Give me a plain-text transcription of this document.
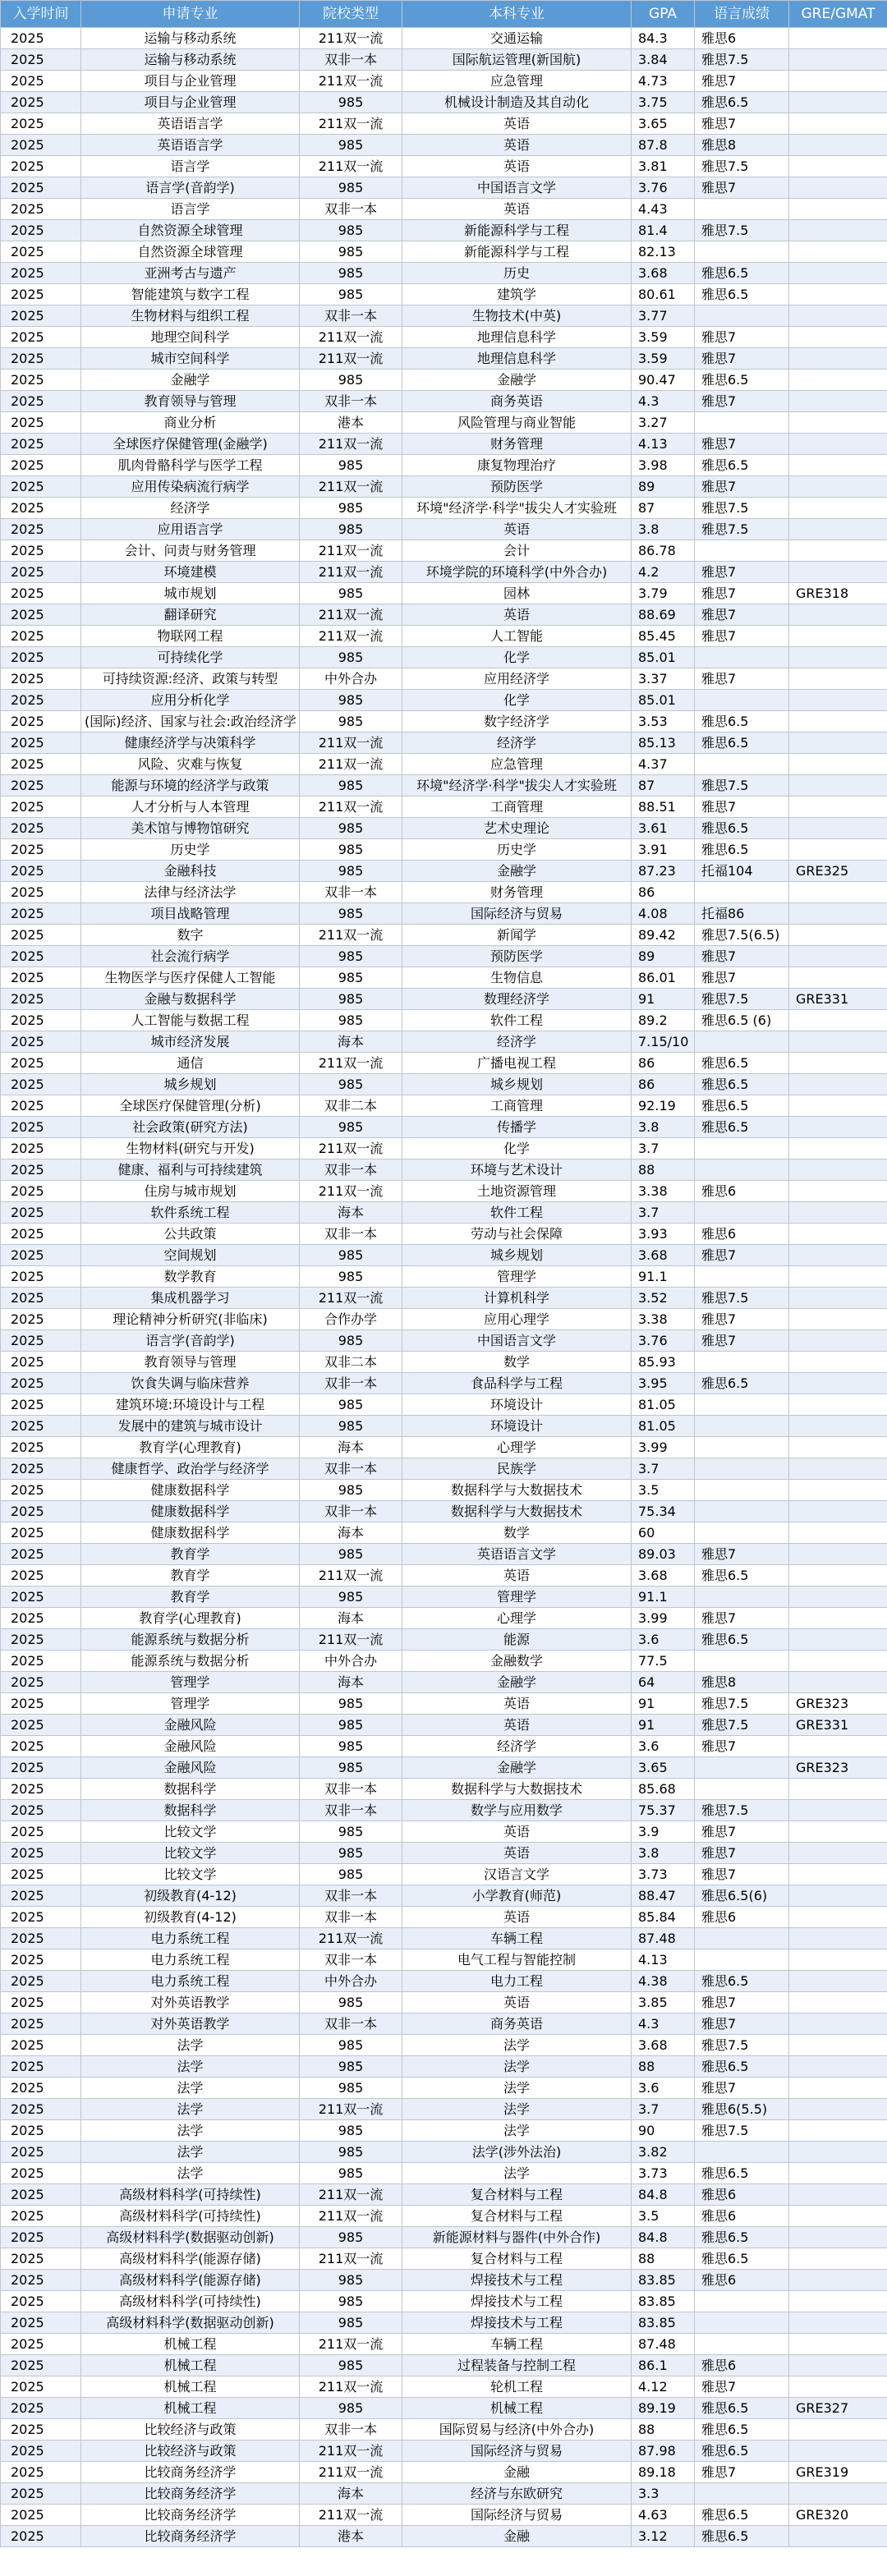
入学时间	申请专业	院校类型	本科专业	GPA	语言成绩	GRE/GMAT
2025	运输与移动系统	211双一流	交通运输	84.3	雅思6	
2025	运输与移动系统	双非一本	国际航运管理(新国航)	3.84	雅思7.5	
2025	项目与企业管理	211双一流	应急管理	4.73	雅思7	
2025	项目与企业管理	985	机械设计制造及其自动化	3.75	雅思6.5	
2025	英语语言学	211双一流	英语	3.65	雅思7	
2025	英语语言学	985	英语	87.8	雅思8	
2025	语言学	211双一流	英语	3.81	雅思7.5	
2025	语言学(音韵学)	985	中国语言文学	3.76	雅思7	
2025	语言学	双非一本	英语	4.43		
2025	自然资源全球管理	985	新能源科学与工程	81.4	雅思7.5	
2025	自然资源全球管理	985	新能源科学与工程	82.13		
2025	亚洲考古与遗产	985	历史	3.68	雅思6.5	
2025	智能建筑与数字工程	985	建筑学	80.61	雅思6.5	
2025	生物材料与组织工程	双非一本	生物技术(中英)	3.77		
2025	地理空间科学	211双一流	地理信息科学	3.59	雅思7	
2025	城市空间科学	211双一流	地理信息科学	3.59	雅思7	
2025	金融学	985	金融学	90.47	雅思6.5	
2025	教育领导与管理	双非一本	商务英语	4.3	雅思7	
2025	商业分析	港本	风险管理与商业智能	3.27		
2025	全球医疗保健管理(金融学)	211双一流	财务管理	4.13	雅思7	
2025	肌肉骨骼科学与医学工程	985	康复物理治疗	3.98	雅思6.5	
2025	应用传染病流行病学	211双一流	预防医学	89	雅思7	
2025	经济学	985	环境"经济学·科学"拔尖人才实验班	87	雅思7.5	
2025	应用语言学	985	英语	3.8	雅思7.5	
2025	会计、问责与财务管理	211双一流	会计	86.78		
2025	环境建模	211双一流	环境学院的环境科学(中外合办)	4.2	雅思7	
2025	城市规划	985	园林	3.79	雅思7	GRE318
2025	翻译研究	211双一流	英语	88.69	雅思7	
2025	物联网工程	211双一流	人工智能	85.45	雅思7	
2025	可持续化学	985	化学	85.01		
2025	可持续资源:经济、政策与转型	中外合办	应用经济学	3.37	雅思7	
2025	应用分析化学	985	化学	85.01		
2025	(国际)经济、国家与社会:政治经济学	985	数字经济学	3.53	雅思6.5	
2025	健康经济学与决策科学	211双一流	经济学	85.13	雅思6.5	
2025	风险、灾难与恢复	211双一流	应急管理	4.37		
2025	能源与环境的经济学与政策	985	环境"经济学·科学"拔尖人才实验班	87	雅思7.5	
2025	人才分析与人本管理	211双一流	工商管理	88.51	雅思7	
2025	美术馆与博物馆研究	985	艺术史理论	3.61	雅思6.5	
2025	历史学	985	历史学	3.91	雅思6.5	
2025	金融科技	985	金融学	87.23	托福104	GRE325
2025	法律与经济法学	双非一本	财务管理	86		
2025	项目战略管理	985	国际经济与贸易	4.08	托福86	
2025	数字	211双一流	新闻学	89.42	雅思7.5(6.5)	
2025	社会流行病学	985	预防医学	89	雅思7	
2025	生物医学与医疗保健人工智能	985	生物信息	86.01	雅思7	
2025	金融与数据科学	985	数理经济学	91	雅思7.5	GRE331
2025	人工智能与数据工程	985	软件工程	89.2	雅思6.5 (6)	
2025	城市经济发展	海本	经济学	7.15/10		
2025	通信	211双一流	广播电视工程	86	雅思6.5	
2025	城乡规划	985	城乡规划	86	雅思6.5	
2025	全球医疗保健管理(分析)	双非二本	工商管理	92.19	雅思6.5	
2025	社会政策(研究方法)	985	传播学	3.8	雅思6.5	
2025	生物材料(研究与开发)	211双一流	化学	3.7		
2025	健康、福利与可持续建筑	双非一本	环境与艺术设计	88		
2025	住房与城市规划	211双一流	土地资源管理	3.38	雅思6	
2025	软件系统工程	海本	软件工程	3.7		
2025	公共政策	双非一本	劳动与社会保障	3.93	雅思6	
2025	空间规划	985	城乡规划	3.68	雅思7	
2025	数学教育	985	管理学	91.1		
2025	集成机器学习	211双一流	计算机科学	3.52	雅思7.5	
2025	理论精神分析研究(非临床)	合作办学	应用心理学	3.38	雅思7	
2025	语言学(音韵学)	985	中国语言文学	3.76	雅思7	
2025	教育领导与管理	双非二本	数学	85.93		
2025	饮食失调与临床营养	双非一本	食品科学与工程	3.95	雅思6.5	
2025	建筑环境:环境设计与工程	985	环境设计	81.05		
2025	发展中的建筑与城市设计	985	环境设计	81.05		
2025	教育学(心理教育)	海本	心理学	3.99		
2025	健康哲学、政治学与经济学	双非一本	民族学	3.7		
2025	健康数据科学	985	数据科学与大数据技术	3.5		
2025	健康数据科学	双非一本	数据科学与大数据技术	75.34		
2025	健康数据科学	海本	数学	60		
2025	教育学	985	英语语言文学	89.03	雅思7	
2025	教育学	211双一流	英语	3.68	雅思6.5	
2025	教育学	985	管理学	91.1		
2025	教育学(心理教育)	海本	心理学	3.99	雅思7	
2025	能源系统与数据分析	211双一流	能源	3.6	雅思6.5	
2025	能源系统与数据分析	中外合办	金融数学	77.5		
2025	管理学	海本	金融学	64	雅思8	
2025	管理学	985	英语	91	雅思7.5	GRE323
2025	金融风险	985	英语	91	雅思7.5	GRE331
2025	金融风险	985	经济学	3.6	雅思7	
2025	金融风险	985	金融学	3.65		GRE323
2025	数据科学	双非一本	数据科学与大数据技术	85.68		
2025	数据科学	双非一本	数学与应用数学	75.37	雅思7.5	
2025	比较文学	985	英语	3.9	雅思7	
2025	比较文学	985	英语	3.8	雅思7	
2025	比较文学	985	汉语言文学	3.73	雅思7	
2025	初级教育(4-12)	双非一本	小学教育(师范)	88.47	雅思6.5(6)	
2025	初级教育(4-12)	双非一本	英语	85.84	雅思6	
2025	电力系统工程	211双一流	车辆工程	87.48		
2025	电力系统工程	双非一本	电气工程与智能控制	4.13		
2025	电力系统工程	中外合办	电力工程	4.38	雅思6.5	
2025	对外英语教学	985	英语	3.85	雅思7	
2025	对外英语教学	双非一本	商务英语	4.3	雅思7	
2025	法学	985	法学	3.68	雅思7.5	
2025	法学	985	法学	88	雅思6.5	
2025	法学	985	法学	3.6	雅思7	
2025	法学	211双一流	法学	3.7	雅思6(5.5)	
2025	法学	985	法学	90	雅思7.5	
2025	法学	985	法学(涉外法治)	3.82		
2025	法学	985	法学	3.73	雅思6.5	
2025	高级材料科学(可持续性)	211双一流	复合材料与工程	84.8	雅思6	
2025	高级材料科学(可持续性)	211双一流	复合材料与工程	3.5	雅思6	
2025	高级材料科学(数据驱动创新)	985	新能源材料与器件(中外合作)	84.8	雅思6.5	
2025	高级材料科学(能源存储)	211双一流	复合材料与工程	88	雅思6.5	
2025	高级材料科学(能源存储)	985	焊接技术与工程	83.85	雅思6	
2025	高级材料科学(可持续性)	985	焊接技术与工程	83.85		
2025	高级材料科学(数据驱动创新)	985	焊接技术与工程	83.85		
2025	机械工程	211双一流	车辆工程	87.48		
2025	机械工程	985	过程装备与控制工程	86.1	雅思6	
2025	机械工程	211双一流	轮机工程	4.12	雅思7	
2025	机械工程	985	机械工程	89.19	雅思6.5	GRE327
2025	比较经济与政策	双非一本	国际贸易与经济(中外合办)	88	雅思6.5	
2025	比较经济与政策	211双一流	国际经济与贸易	87.98	雅思6.5	
2025	比较商务经济学	211双一流	金融	89.18	雅思7	GRE319
2025	比较商务经济学	海本	经济与东欧研究	3.3		
2025	比较商务经济学	211双一流	国际经济与贸易	4.63	雅思6.5	GRE320
2025	比较商务经济学	港本	金融	3.12	雅思6.5	
